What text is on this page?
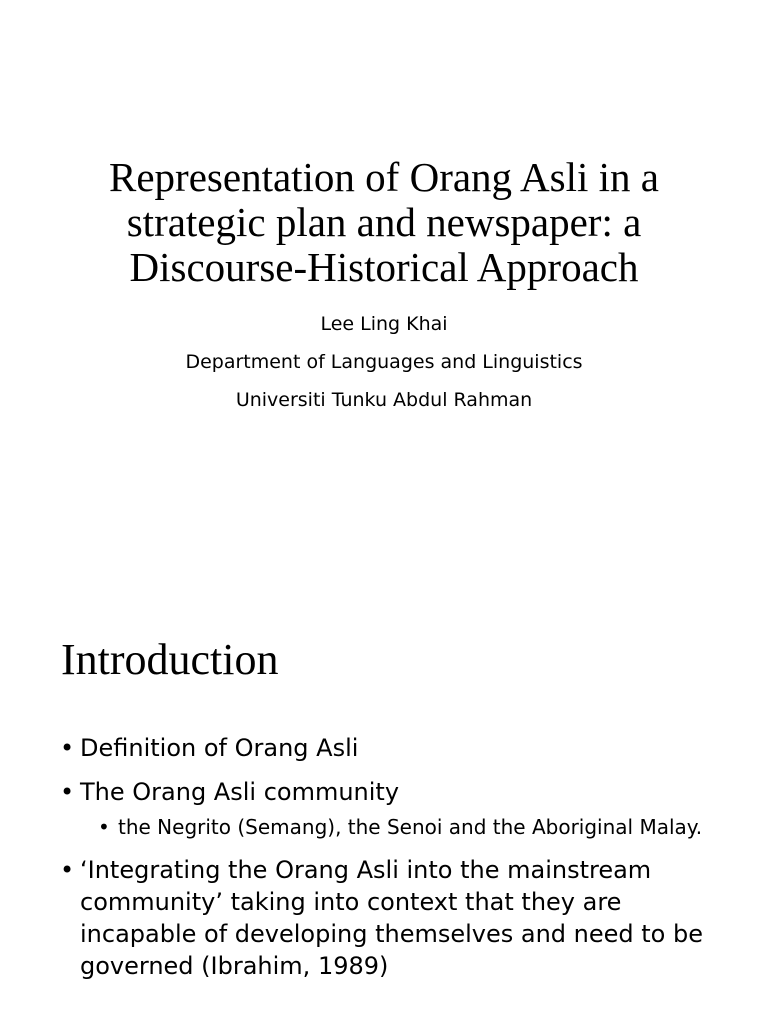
Representation of Orang Asli in a
strategic plan and newspaper: a
Discourse-Historical Approach
Lee Ling Khai
Department of Languages and Linguistics
Universiti Tunku Abdul Rahman
Introduction
• Definition of Orang Asli
• The Orang Asli community
• the Negrito (Semang), the Senoi and the Aboriginal Malay.
• ‘Integrating the Orang Asli into the mainstream community’ taking into context that they are incapable of developing themselves and need to be governed (Ibrahim, 1989)
